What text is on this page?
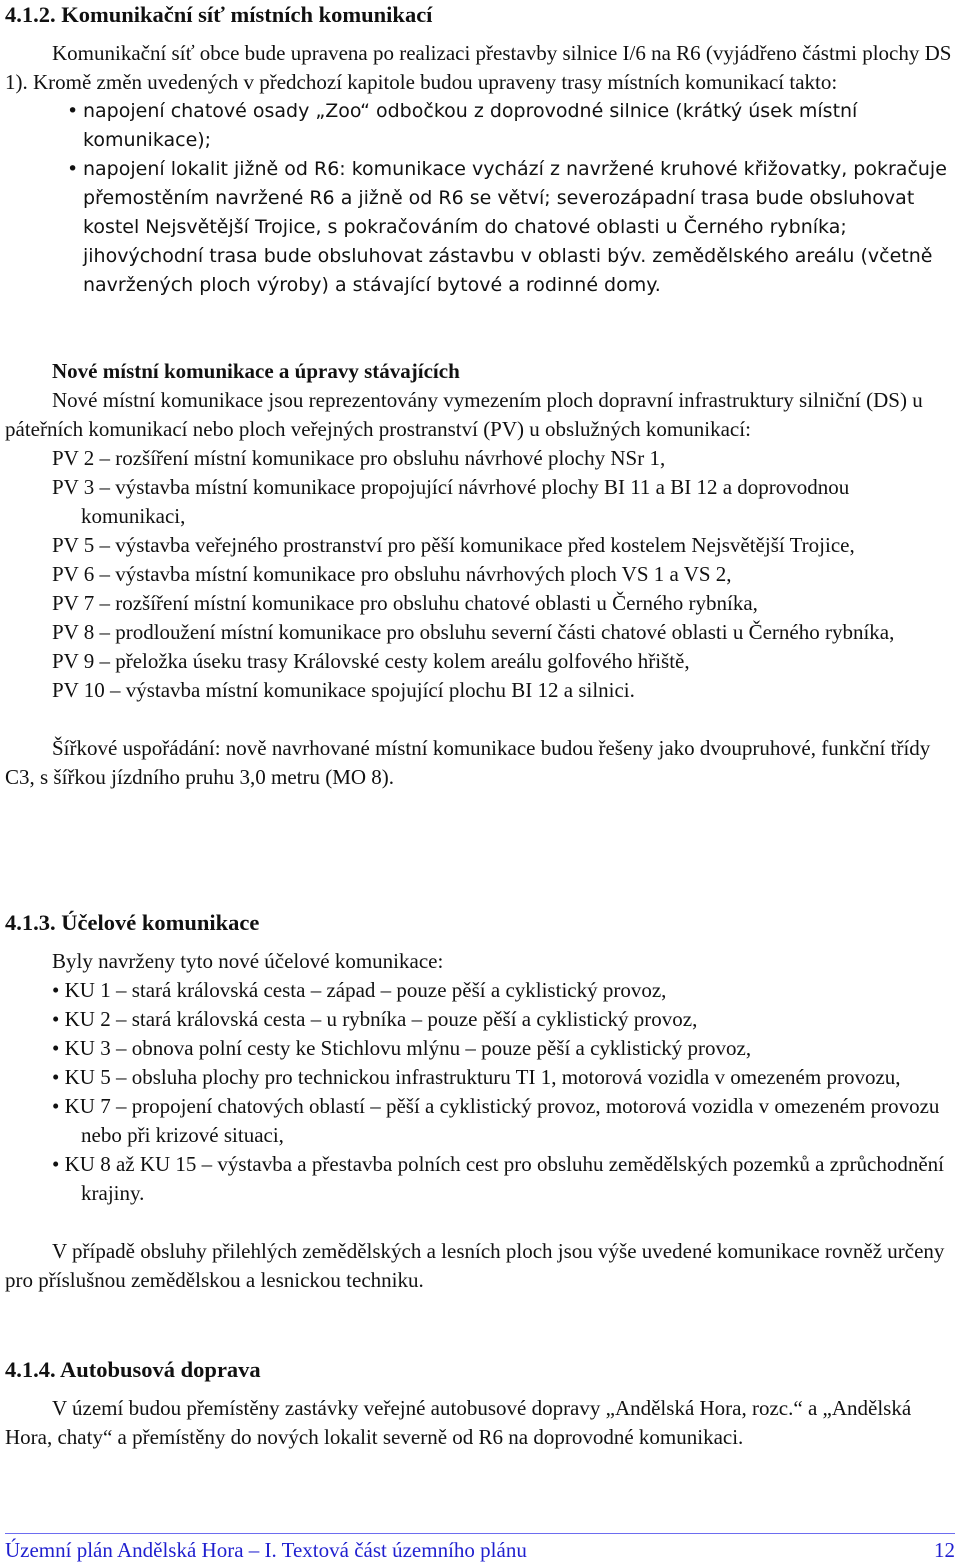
4.1.2. Komunikační síť místních komunikací

Komunikační síť obce bude upravena po realizaci přestavby silnice I/6 na R6 (vyjádřeno částmi plochy DS 1). Kromě změn uvedených v předchozí kapitole budou upraveny trasy místních komunikací takto:

• napojení chatové osady „Zoo“ odbočkou z doprovodné silnice (krátký úsek místní komunikace);
• napojení lokalit jižně od R6: komunikace vychází z navržené kruhové křižovatky, pokračuje přemostěním navržené R6 a jižně od R6 se větví; severozápadní trasa bude obsluhovat kostel Nejsvětější Trojice, s pokračováním do chatové oblasti u Černého rybníka; jihovýchodní trasa bude obsluhovat zástavbu v oblasti býv. zemědělského areálu (včetně navržených ploch výroby) a stávající bytové a rodinné domy.
Nové místní komunikace a úpravy stávajících

Nové místní komunikace jsou reprezentovány vymezením ploch dopravní infrastruktury silniční (DS) u páteřních komunikací nebo ploch veřejných prostranství (PV) u obslužných komunikací:

PV 2 – rozšíření místní komunikace pro obsluhu návrhové plochy NSr 1,
PV 3 – výstavba místní komunikace propojující návrhové plochy BI 11 a BI 12 a doprovodnou komunikaci,
PV 5 – výstavba veřejného prostranství pro pěší komunikace před kostelem Nejsvětější Trojice,
PV 6 – výstavba místní komunikace pro obsluhu návrhových ploch VS 1 a VS 2,
PV 7 – rozšíření místní komunikace pro obsluhu chatové oblasti u Černého rybníka,
PV 8 – prodloužení místní komunikace pro obsluhu severní části chatové oblasti u Černého rybníka,
PV 9 – přeložka úseku trasy Královské cesty kolem areálu golfového hřiště,
PV 10 – výstavba místní komunikace spojující plochu BI 12 a silnici.

Šířkové uspořádání: nově navrhované místní komunikace budou řešeny jako dvoupruhové, funkční třídy C3, s šířkou jízdního pruhu 3,0 metru (MO 8).

4.1.3. Účelové komunikace
Byly navrženy tyto nové účelové komunikace:
• KU 1 – stará královská cesta – západ – pouze pěší a cyklistický provoz,
• KU 2 – stará královská cesta – u rybníka – pouze pěší a cyklistický provoz,
• KU 3 – obnova polní cesty ke Stichlovu mlýnu – pouze pěší a cyklistický provoz,
• KU 5 – obsluha plochy pro technickou infrastrukturu TI 1, motorová vozidla v omezeném provozu,
• KU 7 – propojení chatových oblastí – pěší a cyklistický provoz, motorová vozidla v omezeném provozu nebo při krizové situaci,
• KU 8 až KU 15 – výstavba a přestavba polních cest pro obsluhu zemědělských pozemků a zprůchodnění krajiny.

V případě obsluhy přilehlých zemědělských a lesních ploch jsou výše uvedené komunikace rovněž určeny pro příslušnou zemědělskou a lesnickou techniku.

4.1.4. Autobusová doprava

V území budou přemístěny zastávky veřejné autobusové dopravy „Andělská Hora, rozc.“ a „Andělská Hora, chaty“ a přemístěny do nových lokalit severně od R6 na doprovodné komunikaci.

Územní plán Andělská Hora – I. Textová část územního plánu	12
